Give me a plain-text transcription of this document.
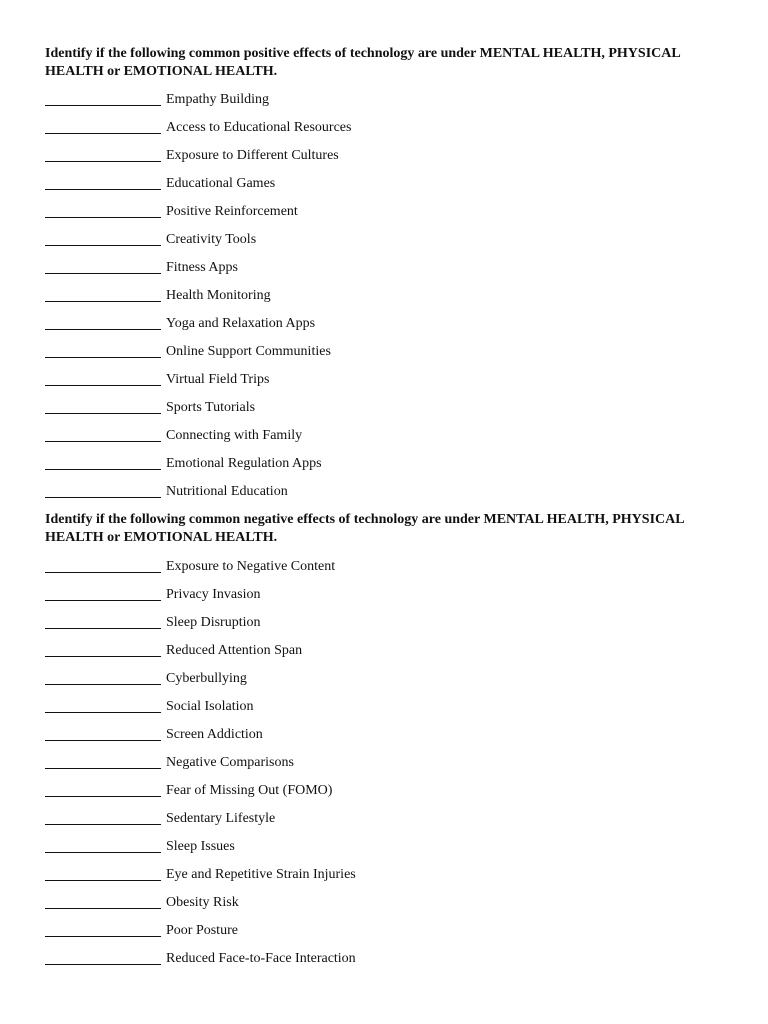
Identify if the following common positive effects of technology are under MENTAL HEALTH, PHYSICAL HEALTH or EMOTIONAL HEALTH.

Empathy Building
Access to Educational Resources
Exposure to Different Cultures
Educational Games
Positive Reinforcement
Creativity Tools
Fitness Apps
Health Monitoring
Yoga and Relaxation Apps
Online Support Communities
Virtual Field Trips
Sports Tutorials
Connecting with Family
Emotional Regulation Apps
Nutritional Education

Identify if the following common negative effects of technology are under MENTAL HEALTH, PHYSICAL HEALTH or EMOTIONAL HEALTH.

Exposure to Negative Content
Privacy Invasion
Sleep Disruption
Reduced Attention Span
Cyberbullying
Social Isolation
Screen Addiction
Negative Comparisons
Fear of Missing Out (FOMO)
Sedentary Lifestyle
Sleep Issues
Eye and Repetitive Strain Injuries
Obesity Risk
Poor Posture
Reduced Face-to-Face Interaction
